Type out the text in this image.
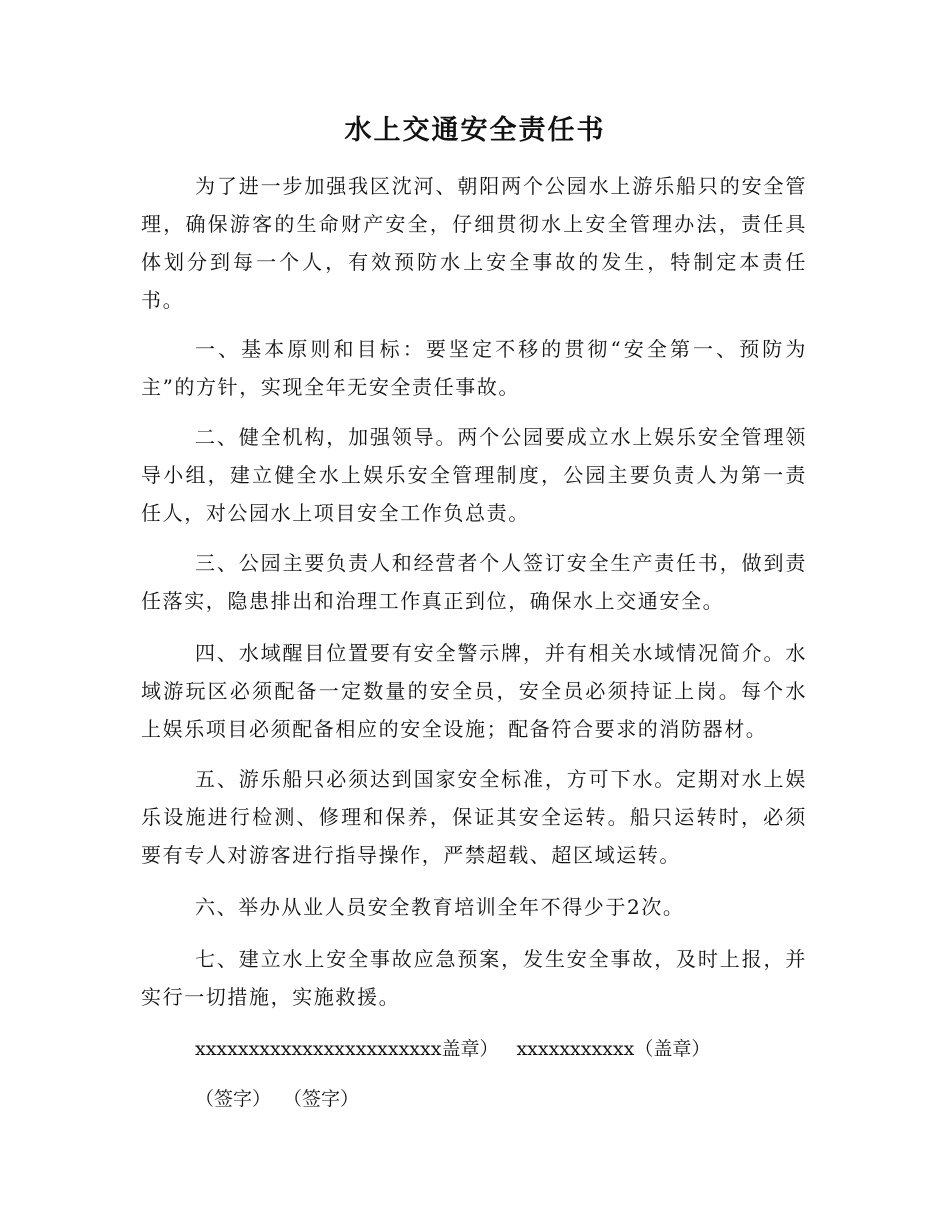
水上交通安全责任书

为了进一步加强我区沈河、朝阳两个公园水上游乐船只的安全管理，确保游客的生命财产安全，仔细贯彻水上安全管理办法，责任具体划分到每一个人，有效预防水上安全事故的发生，特制定本责任书。

一、基本原则和目标：要坚定不移的贯彻“安全第一、预防为主”的方针，实现全年无安全责任事故。

二、健全机构，加强领导。两个公园要成立水上娱乐安全管理领导小组，建立健全水上娱乐安全管理制度，公园主要负责人为第一责任人，对公园水上项目安全工作负总责。

三、公园主要负责人和经营者个人签订安全生产责任书，做到责任落实，隐患排出和治理工作真正到位，确保水上交通安全。

四、水域醒目位置要有安全警示牌，并有相关水域情况简介。水域游玩区必须配备一定数量的安全员，安全员必须持证上岗。每个水上娱乐项目必须配备相应的安全设施；配备符合要求的消防器材。

五、游乐船只必须达到国家安全标准，方可下水。定期对水上娱乐设施进行检测、修理和保养，保证其安全运转。船只运转时，必须要有专人对游客进行指导操作，严禁超载、超区域运转。

六、举办从业人员安全教育培训全年不得少于2次。

七、建立水上安全事故应急预案，发生安全事故，及时上报，并实行一切措施，实施救援。

xxxxxxxxxxxxxxxxxxxxxxx盖章） xxxxxxxxxxx（盖章）
（签字） （签字）
